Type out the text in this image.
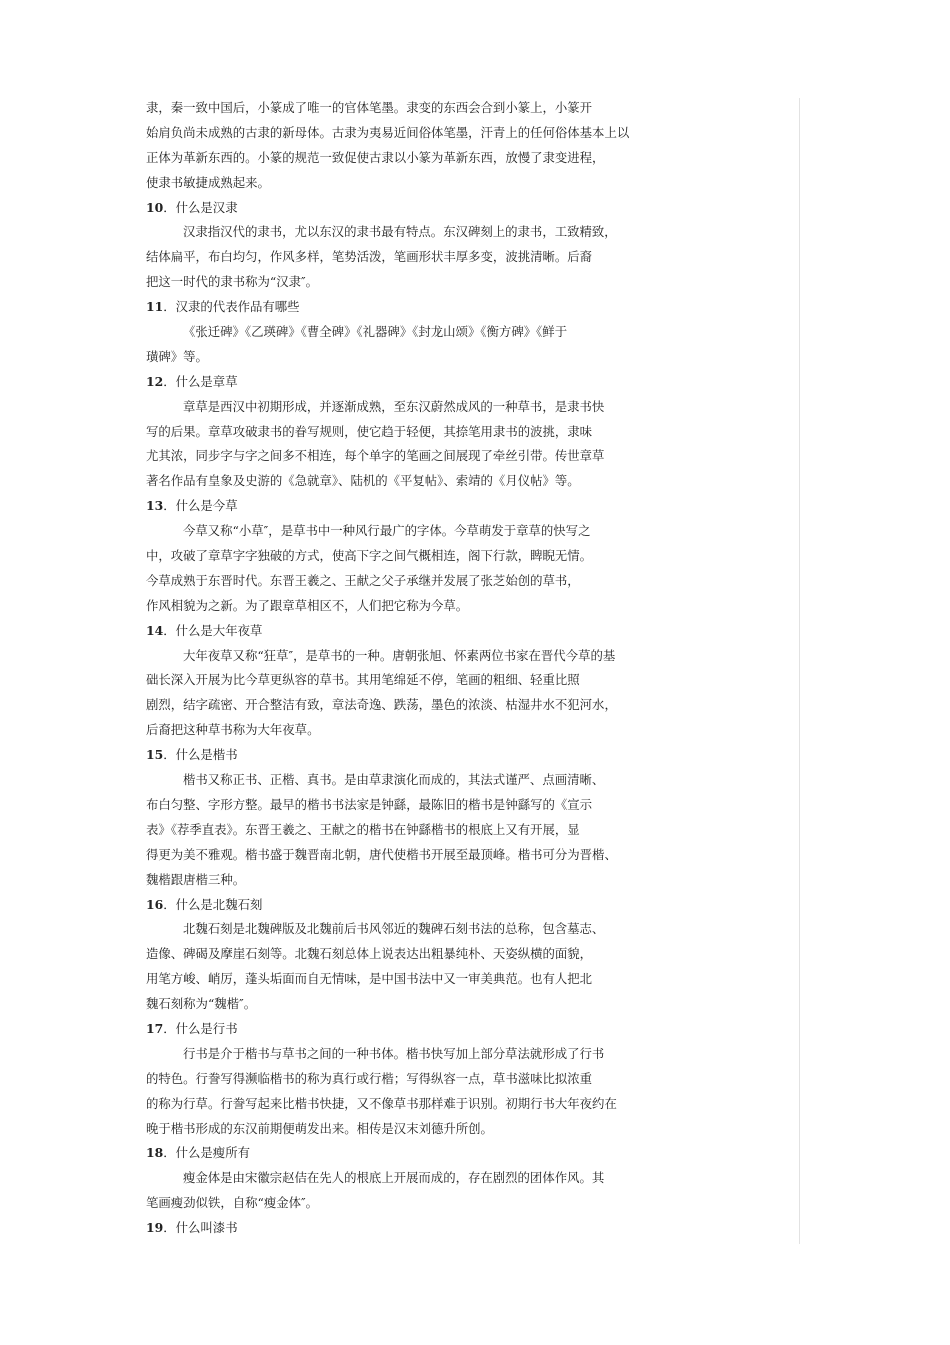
隶，秦一致中国后，小篆成了唯一的官体笔墨。隶变的东西会合到小篆上，小篆开
始肩负尚未成熟的古隶的新母体。古隶为夷易近间俗体笔墨，汗青上的任何俗体基本上以
正体为革新东西的。小篆的规范一致促使古隶以小篆为革新东西，放慢了隶变进程，
使隶书敏捷成熟起来。
10．什么是汉隶
汉隶指汉代的隶书，尤以东汉的隶书最有特点。东汉碑刻上的隶书，工致精致，
结体扁平，布白均匀，作风多样，笔势活泼，笔画形状丰厚多变，波挑清晰。后裔
把这一时代的隶书称为“汉隶″。
11．汉隶的代表作品有哪些
《张迁碑》《乙瑛碑》《曹全碑》《礼器碑》《封龙山颂》《衡方碑》《鲜于
璜碑》等。
12．什么是章草
章草是西汉中初期形成，并逐渐成熟，至东汉蔚然成风的一种草书，是隶书快
写的后果。章草攻破隶书的眷写规则，使它趋于轻便，其捺笔用隶书的波挑，隶味
尤其浓，同步字与字之间多不相连，每个单字的笔画之间展现了牵丝引带。传世章草
著名作品有皇象及史游的《急就章》、陆机的《平复帖》、索靖的《月仪帖》等。
13．什么是今草
今草又称“小草″，是草书中一种风行最广的字体。今草萌发于章草的快写之
中，攻破了章草字字独破的方式，使高下字之间气概相连，阁下行款，睥睨无情。
今草成熟于东晋时代。东晋王羲之、王献之父子承继并发展了张芝始创的草书，
作风相貌为之新。为了跟章草相区不，人们把它称为今草。
14．什么是大年夜草
大年夜草又称“狂草″，是草书的一种。唐朝张旭、怀素两位书家在晋代今草的基
础长深入开展为比今草更纵容的草书。其用笔绵延不停，笔画的粗细、轻重比照
剧烈，结字疏密、开合整洁有致，章法奇逸、跌荡，墨色的浓淡、枯湿井水不犯河水，
后裔把这种草书称为大年夜草。
15．什么是楷书
楷书又称正书、正楷、真书。是由草隶演化而成的，其法式谨严、点画清晰、
布白匀整、字形方整。最早的楷书书法家是钟繇，最陈旧的楷书是钟繇写的《宣示
表》《荐季直表》。东晋王羲之、王献之的楷书在钟繇楷书的根底上又有开展，显
得更为美不雅观。楷书盛于魏晋南北朝，唐代使楷书开展至最顶峰。楷书可分为晋楷、
魏楷跟唐楷三种。
16．什么是北魏石刻
北魏石刻是北魏碑版及北魏前后书风邻近的魏碑石刻书法的总称，包含墓志、
造像、碑碣及摩崖石刻等。北魏石刻总体上说表达出粗暴纯朴、天姿纵横的面貌，
用笔方峻、峭厉，蓬头垢面而自无情味，是中国书法中又一审美典范。也有人把北
魏石刻称为“魏楷″。
17．什么是行书
行书是介于楷书与草书之间的一种书体。楷书快写加上部分草法就形成了行书
的特色。行誊写得濒临楷书的称为真行或行楷；写得纵容一点，草书滋味比拟浓重
的称为行草。行誊写起来比楷书快捷，又不像草书那样难于识别。初期行书大年夜约在
晚于楷书形成的东汉前期便萌发出来。相传是汉末刘德升所创。
18．什么是瘦所有
瘦金体是由宋徽宗赵佶在先人的根底上开展而成的，存在剧烈的团体作风。其
笔画瘦劲似铁，自称“瘦金体″。
19．什么叫漆书
